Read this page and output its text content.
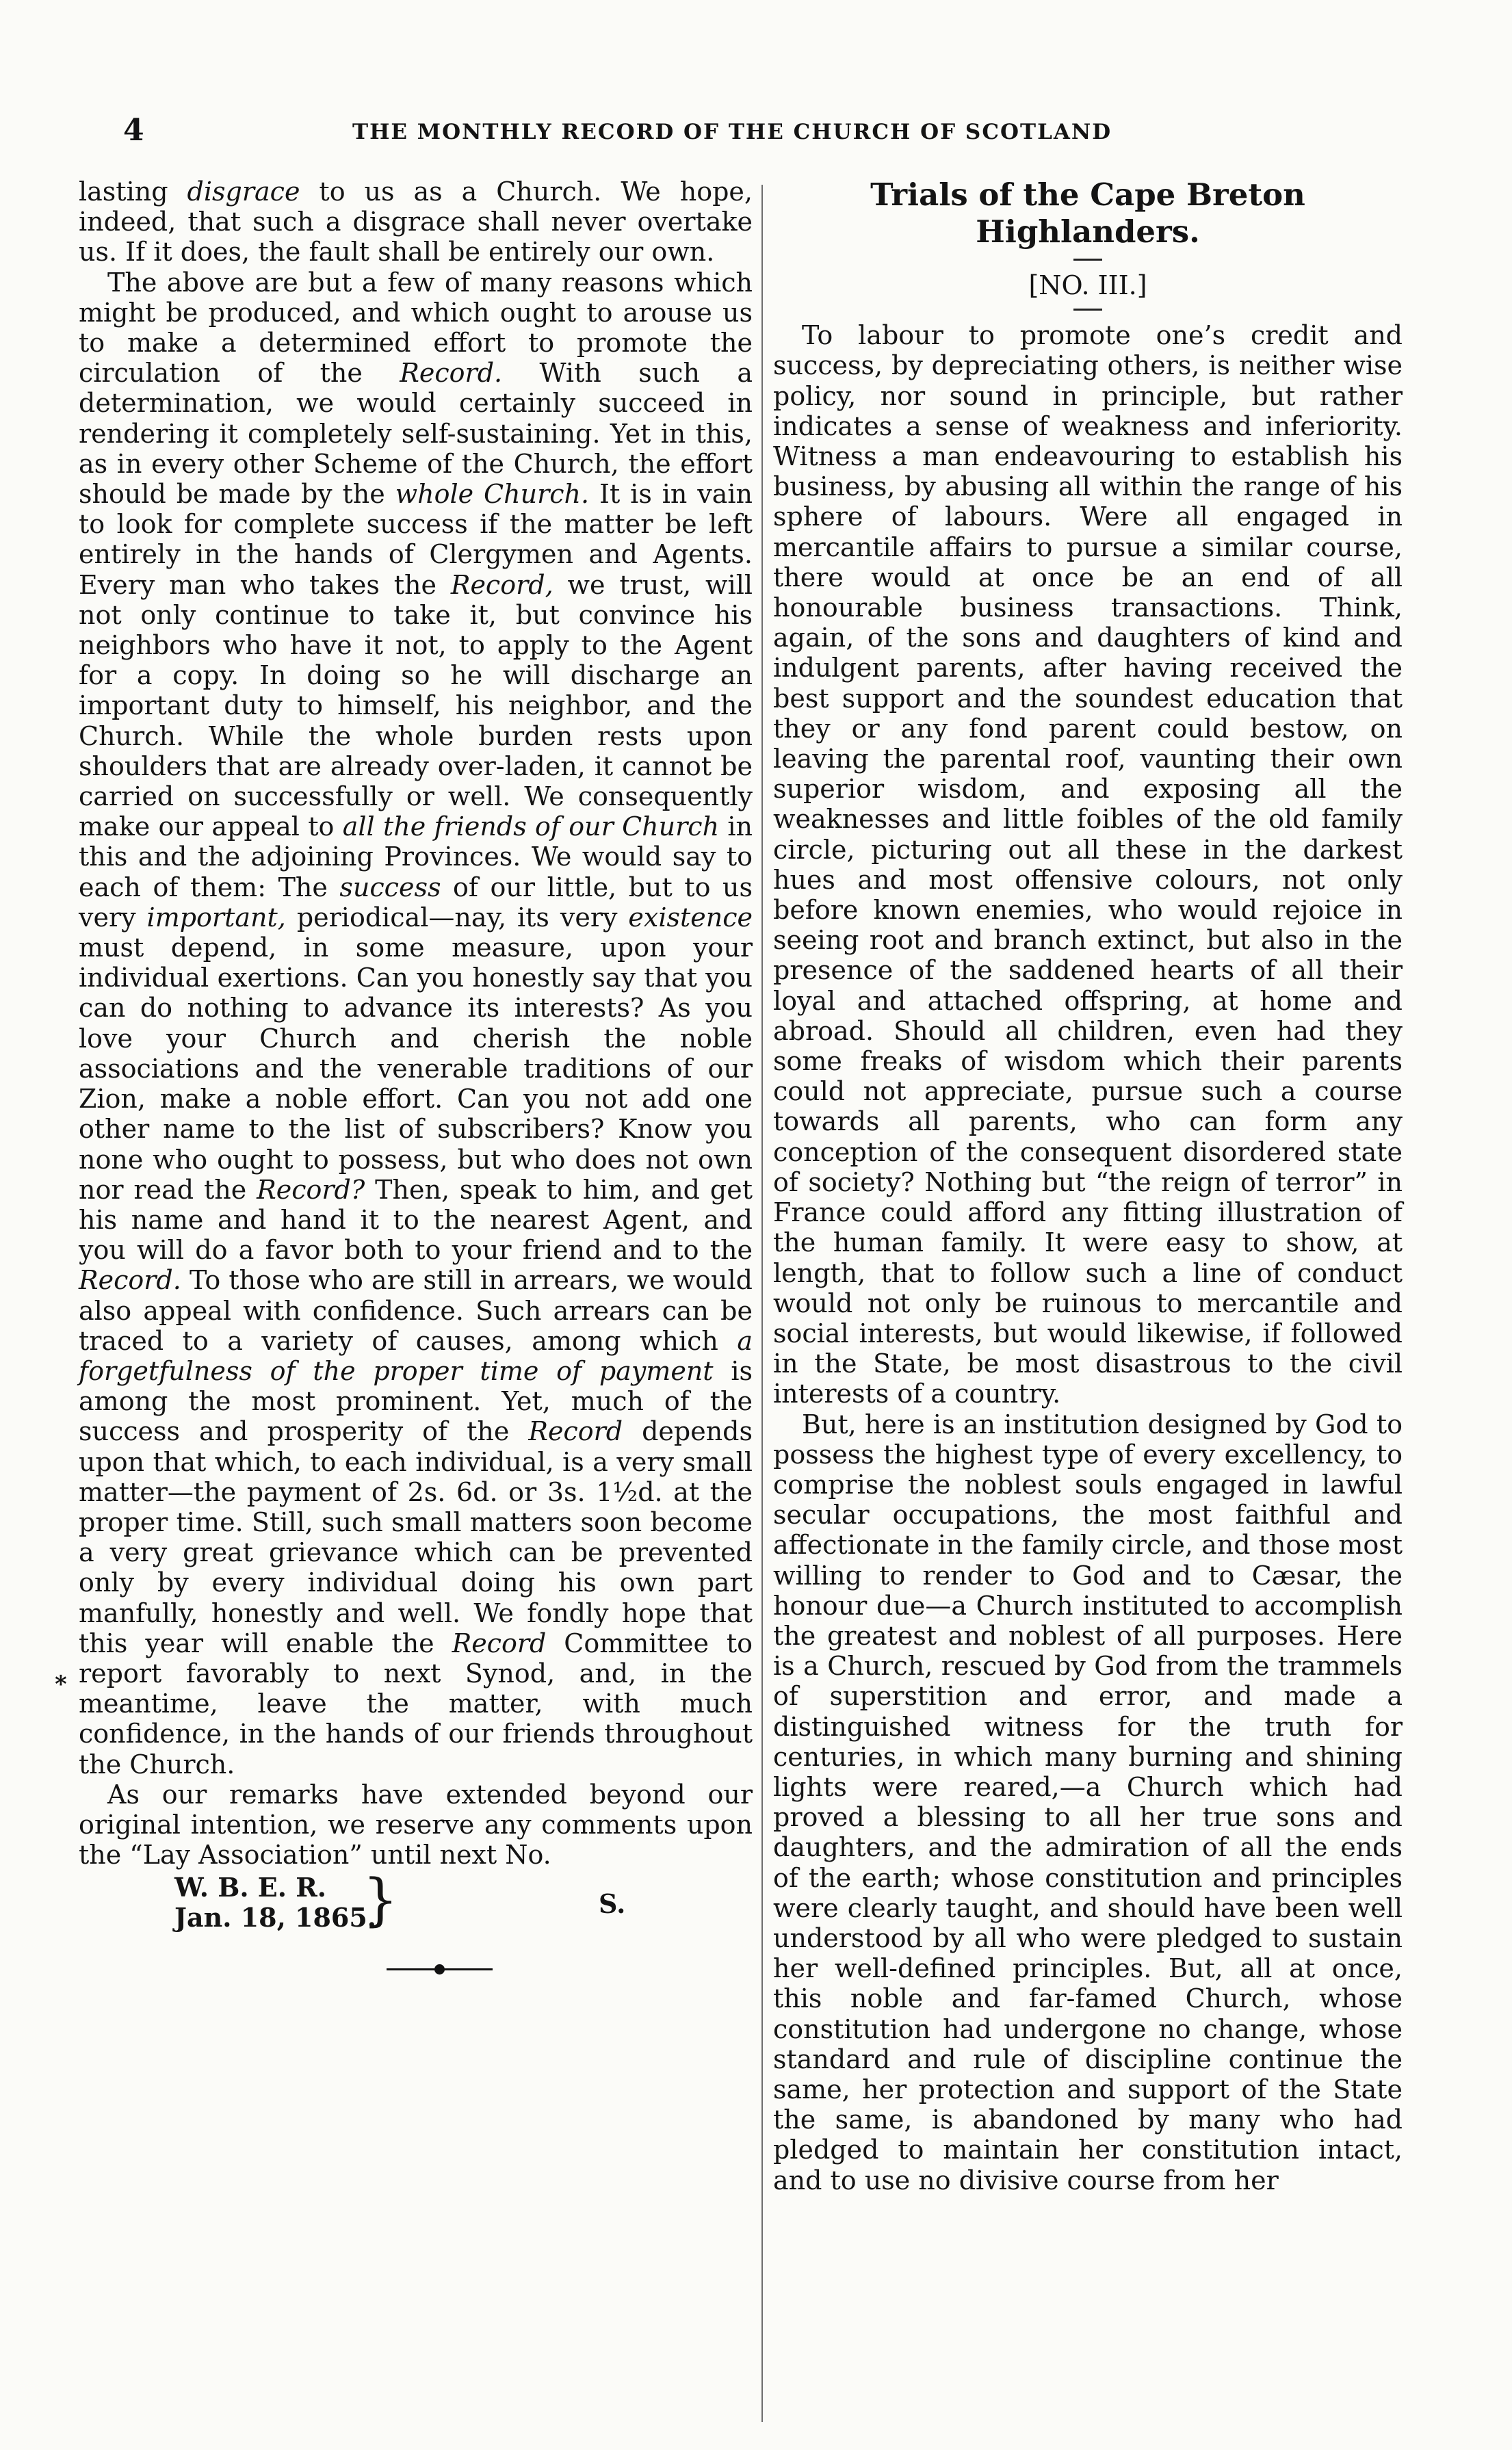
4	THE MONTHLY RECORD OF THE CHURCH OF SCOTLAND

lasting disgrace to us as a Church. We hope, indeed, that such a disgrace shall never overtake us. If it does, the fault shall be entirely our own.

The above are but a few of many reasons which might be produced, and which ought to arouse us to make a determined effort to promote the circulation of the Record. With such a determination, we would certainly succeed in rendering it completely self-sustaining. Yet in this, as in every other Scheme of the Church, the effort should be made by the whole Church. It is in vain to look for complete success if the matter be left entirely in the hands of Clergymen and Agents. Every man who takes the Record, we trust, will not only continue to take it, but convince his neighbors who have it not, to apply to the Agent for a copy. In doing so he will discharge an important duty to himself, his neighbor, and the Church. While the whole burden rests upon shoulders that are already over-laden, it cannot be carried on successfully or well. We consequently make our appeal to all the friends of our Church in this and the adjoining Provinces. We would say to each of them: The success of our little, but to us very important, periodical—nay, its very existence must depend, in some measure, upon your individual exertions. Can you honestly say that you can do nothing to advance its interests? As you love your Church and cherish the noble associations and the venerable traditions of our Zion, make a noble effort. Can you not add one other name to the list of subscribers? Know you none who ought to possess, but who does not own nor read the Record? Then, speak to him, and get his name and hand it to the nearest Agent, and you will do a favor both to your friend and to the Record. To those who are still in arrears, we would also appeal with confidence. Such arrears can be traced to a variety of causes, among which a forgetfulness of the proper time of payment is among the most prominent. Yet, much of the success and prosperity of the Record depends upon that which, to each individual, is a very small matter—the payment of 2s. 6d. or 3s. 1½d. at the proper time. Still, such small matters soon become a very great grievance which can be prevented only by every individual doing his own part manfully, honestly and well. We fondly hope that this year will enable the Record Committee to report favorably to next Synod, and, in the meantime, leave the matter, with much confidence, in the hands of our friends throughout the Church.

As our remarks have extended beyond our original intention, we reserve any comments upon the “Lay Association” until next No.

W. B. E. R.
Jan. 18, 1865.
}	S.
*
Trials of the Cape Breton Highlanders.
[NO. III.]

To labour to promote one’s credit and success, by depreciating others, is neither wise policy, nor sound in principle, but rather indicates a sense of weakness and inferiority. Witness a man endeavouring to establish his business, by abusing all within the range of his sphere of labours. Were all engaged in mercantile affairs to pursue a similar course, there would at once be an end of all honourable business transactions. Think, again, of the sons and daughters of kind and indulgent parents, after having received the best support and the soundest education that they or any fond parent could bestow, on leaving the parental roof, vaunting their own superior wisdom, and exposing all the weaknesses and little foibles of the old family circle, picturing out all these in the darkest hues and most offensive colours, not only before known enemies, who would rejoice in seeing root and branch extinct, but also in the presence of the saddened hearts of all their loyal and attached offspring, at home and abroad. Should all children, even had they some freaks of wisdom which their parents could not appreciate, pursue such a course towards all parents, who can form any conception of the consequent disordered state of society? Nothing but “the reign of terror” in France could afford any fitting illustration of the human family. It were easy to show, at length, that to follow such a line of conduct would not only be ruinous to mercantile and social interests, but would likewise, if followed in the State, be most disastrous to the civil interests of a country.

But, here is an institution designed by God to possess the highest type of every excellency, to comprise the noblest souls engaged in lawful secular occupations, the most faithful and affectionate in the family circle, and those most willing to render to God and to Cæsar, the honour due—a Church instituted to accomplish the greatest and noblest of all purposes. Here is a Church, rescued by God from the trammels of superstition and error, and made a distinguished witness for the truth for centuries, in which many burning and shining lights were reared,—a Church which had proved a blessing to all her true sons and daughters, and the admiration of all the ends of the earth; whose constitution and principles were clearly taught, and should have been well understood by all who were pledged to sustain her well-defined principles. But, all at once, this noble and far-famed Church, whose constitution had undergone no change, whose standard and rule of discipline continue the same, her protection and support of the State the same, is abandoned by many who had pledged to maintain her constitution intact, and to use no divisive course from her
